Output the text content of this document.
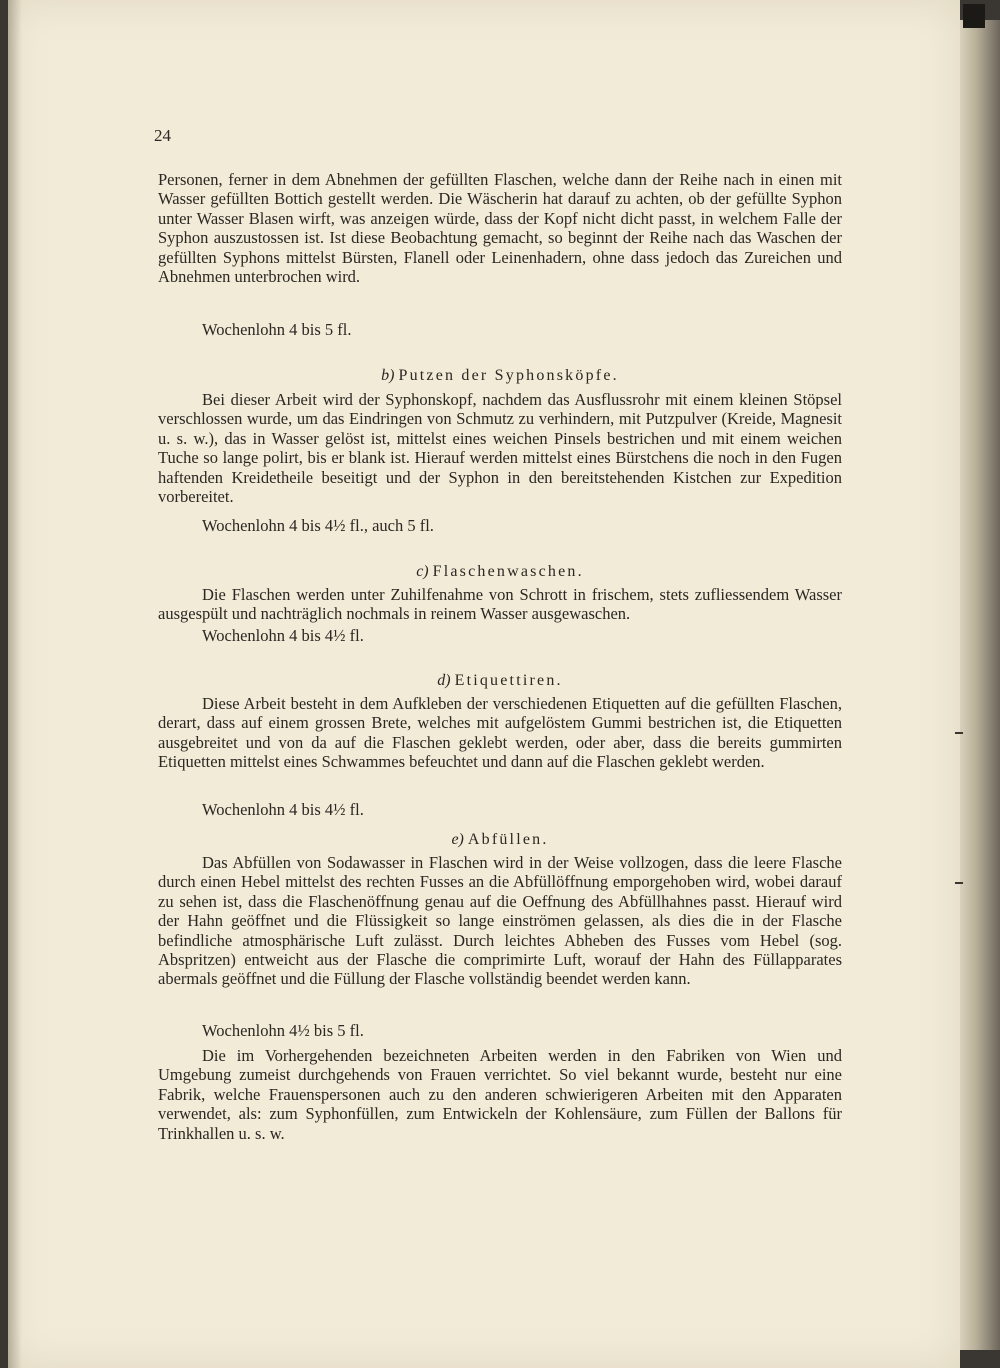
24

Personen, ferner in dem Abnehmen der gefüllten Flaschen, welche dann der Reihe nach in einen mit Wasser gefüllten Bottich gestellt werden. Die Wäscherin hat darauf zu achten, ob der gefüllte Syphon unter Wasser Blasen wirft, was anzeigen würde, dass der Kopf nicht dicht passt, in welchem Falle der Syphon auszustossen ist. Ist diese Beobachtung gemacht, so beginnt der Reihe nach das Waschen der gefüllten Syphons mittelst Bürsten, Flanell oder Leinenhadern, ohne dass jedoch das Zureichen und Abnehmen unterbrochen wird.

Wochenlohn 4 bis 5 fl.

b) Putzen der Syphonsköpfe.

Bei dieser Arbeit wird der Syphonskopf, nachdem das Ausflussrohr mit einem kleinen Stöpsel verschlossen wurde, um das Eindringen von Schmutz zu verhindern, mit Putzpulver (Kreide, Magnesit u. s. w.), das in Wasser gelöst ist, mittelst eines weichen Pinsels bestrichen und mit einem weichen Tuche so lange polirt, bis er blank ist. Hierauf werden mittelst eines Bürstchens die noch in den Fugen haftenden Kreidetheile beseitigt und der Syphon in den bereitstehenden Kistchen zur Expedition vorbereitet.

Wochenlohn 4 bis 4½ fl., auch 5 fl.

c) Flaschenwaschen.

Die Flaschen werden unter Zuhilfenahme von Schrott in frischem, stets zufliessendem Wasser ausgespült und nachträglich nochmals in reinem Wasser ausgewaschen.

Wochenlohn 4 bis 4½ fl.

d) Etiquettiren.

Diese Arbeit besteht in dem Aufkleben der verschiedenen Etiquetten auf die gefüllten Flaschen, derart, dass auf einem grossen Brete, welches mit aufgelöstem Gummi bestrichen ist, die Etiquetten ausgebreitet und von da auf die Flaschen geklebt werden, oder aber, dass die bereits gummirten Etiquetten mittelst eines Schwammes befeuchtet und dann auf die Flaschen geklebt werden.

Wochenlohn 4 bis 4½ fl.

e) Abfüllen.

Das Abfüllen von Sodawasser in Flaschen wird in der Weise vollzogen, dass die leere Flasche durch einen Hebel mittelst des rechten Fusses an die Abfüllöffnung emporgehoben wird, wobei darauf zu sehen ist, dass die Flaschenöffnung genau auf die Oeffnung des Abfüllhahnes passt. Hierauf wird der Hahn geöffnet und die Flüssigkeit so lange einströmen gelassen, als dies die in der Flasche befindliche atmosphärische Luft zulässt. Durch leichtes Abheben des Fusses vom Hebel (sog. Abspritzen) entweicht aus der Flasche die comprimirte Luft, worauf der Hahn des Füllapparates abermals geöffnet und die Füllung der Flasche vollständig beendet werden kann.

Wochenlohn 4½ bis 5 fl.

Die im Vorhergehenden bezeichneten Arbeiten werden in den Fabriken von Wien und Umgebung zumeist durchgehends von Frauen verrichtet. So viel bekannt wurde, besteht nur eine Fabrik, welche Frauenspersonen auch zu den anderen schwierigeren Arbeiten mit den Apparaten verwendet, als: zum Syphonfüllen, zum Entwickeln der Kohlensäure, zum Füllen der Ballons für Trinkhallen u. s. w.
